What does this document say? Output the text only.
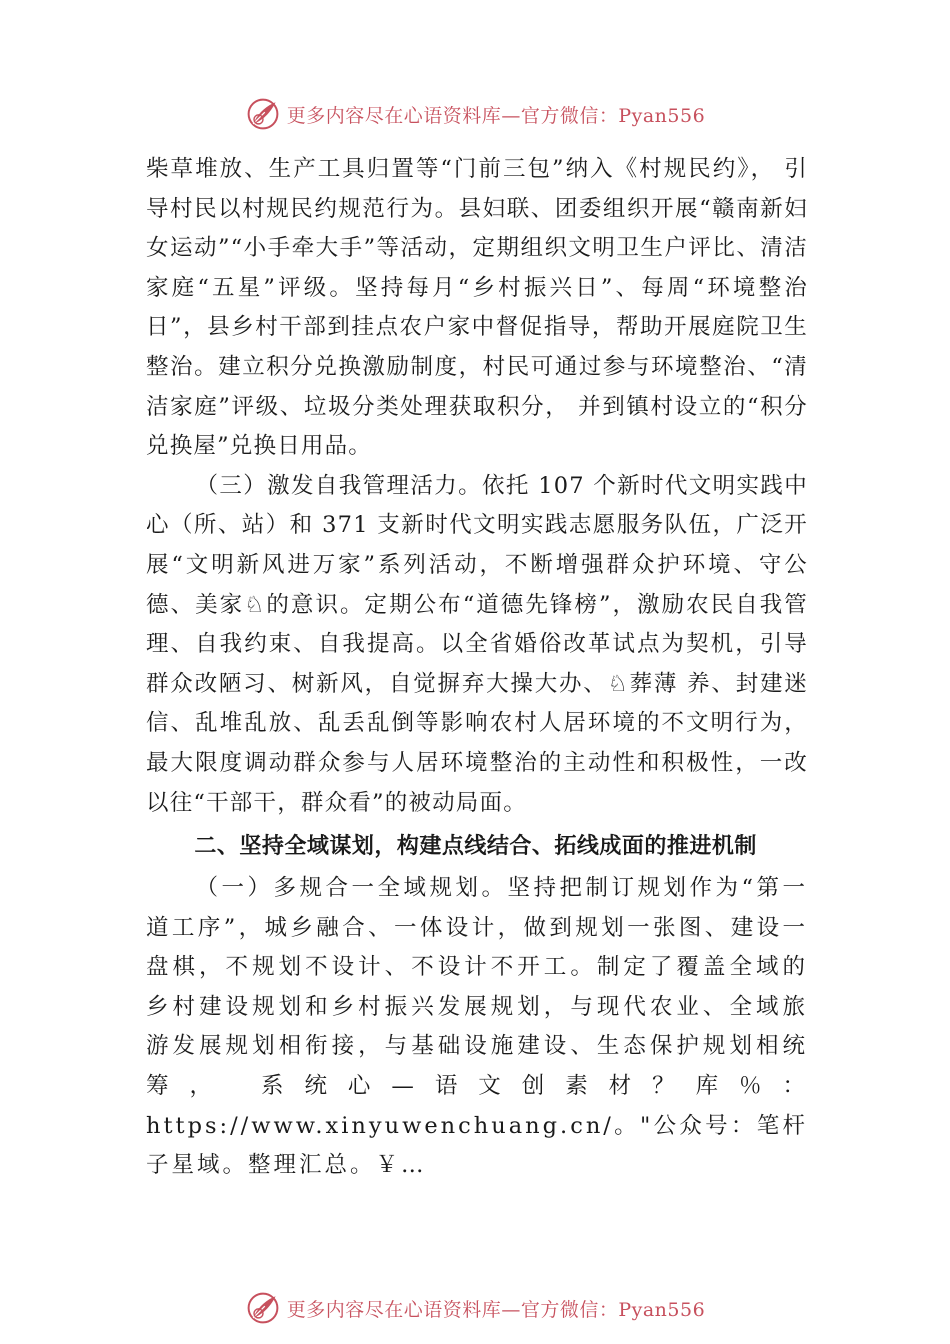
更多内容尽在心语资料库—官方微信：Pyan556

柴草堆放、生产工具归置等“门前三包”纳入《村规民约》， 引导村民以村规民约规范行为。县妇联、团委组织开展“赣南新妇女运动”“小手牵大手”等活动，定期组织文明卫生户评比、清洁家庭“五星”评级。坚持每月“乡村振兴日”、每周“环境整治日”，县乡村干部到挂点农户家中督促指导，帮助开展庭院卫生整治。建立积分兑换激励制度，村民可通过参与环境整治、“清洁家庭”评级、垃圾分类处理获取积分， 并到镇村设立的“积分兑换屋”兑换日用品。

（三）激发自我管理活力。依托 107 个新时代文明实践中心（所、站）和 371 支新时代文明实践志愿服务队伍，广泛开展“文明新风进万家”系列活动，不断增强群众护环境、守公德、美家♘的意识。定期公布“道德先锋榜”，激励农民自我管理、自我约束、自我提高。以全省婚俗改革试点为契机，引导群众改陋习、树新风，自觉摒弃大操大办、♘葬薄 养、封建迷信、乱堆乱放、乱丢乱倒等影响农村人居环境的不文明行为，最大限度调动群众参与人居环境整治的主动性和积极性，一改以往“干部干，群众看”的被动局面。

二、坚持全域谋划，构建点线结合、拓线成面的推进机制

（一）多规合一全域规划。坚持把制订规划作为“第一道工序”，城乡融合、一体设计，做到规划一张图、建设一盘棋，不规划不设计、不设计不开工。制定了覆盖全域的乡村建设规划和乡村振兴发展规划，与现代农业、全域旅游发展规划相衔接，与基础设施建设、生态保护规划相统筹， 系统心—语文创素材？库％： https://www.xinyuwenchuang.cn/。"公众号：笔杆子星域。整理汇总。￥…

更多内容尽在心语资料库—官方微信：Pyan556
